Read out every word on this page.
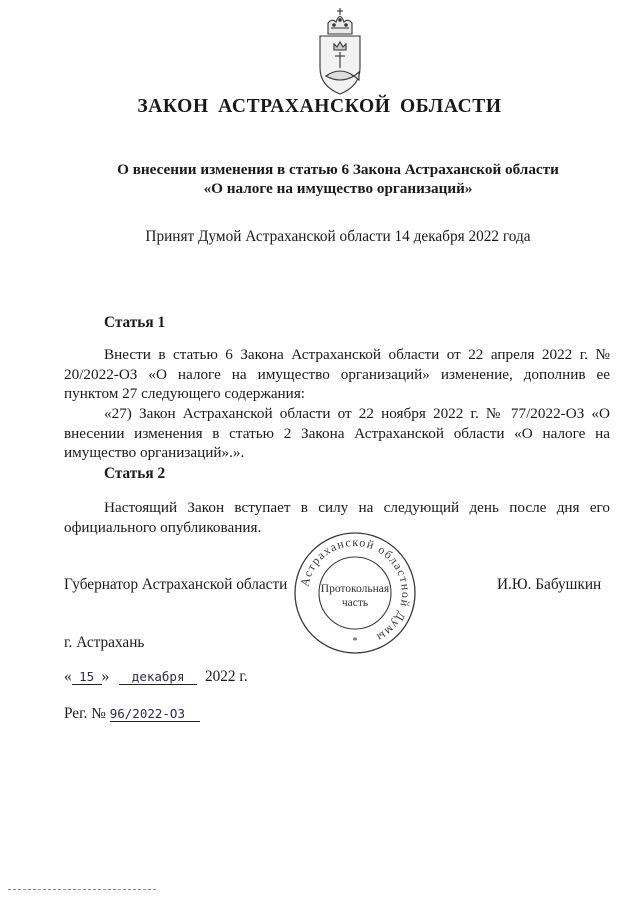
ЗАКОН АСТРАХАНСКОЙ ОБЛАСТИ
О внесении изменения в статью 6 Закона Астраханской области
«О налоге на имущество организаций»
Принят Думой Астраханской области 14 декабря 2022 года
Статья 1
Внести в статью 6 Закона Астраханской области от 22 апреля 2022 г. № 20/2022-ОЗ «О налоге на имущество организаций» изменение, дополнив ее пунктом 27 следующего содержания:
«27) Закон Астраханской области от 22 ноября 2022 г. № 77/2022-ОЗ «О внесении изменения в статью 2 Закона Астраханской области «О налоге на имущество организаций».».
Статья 2
Настоящий Закон вступает в силу на следующий день после дня его официального опубликования.
Губернатор Астраханской области	И.Ю. Бабушкин
Астраханской областной Думы
Протокольная
часть
*
г. Астрахань
« 15 » декабря 2022 г.
Рег. № 96/2022-ОЗ
